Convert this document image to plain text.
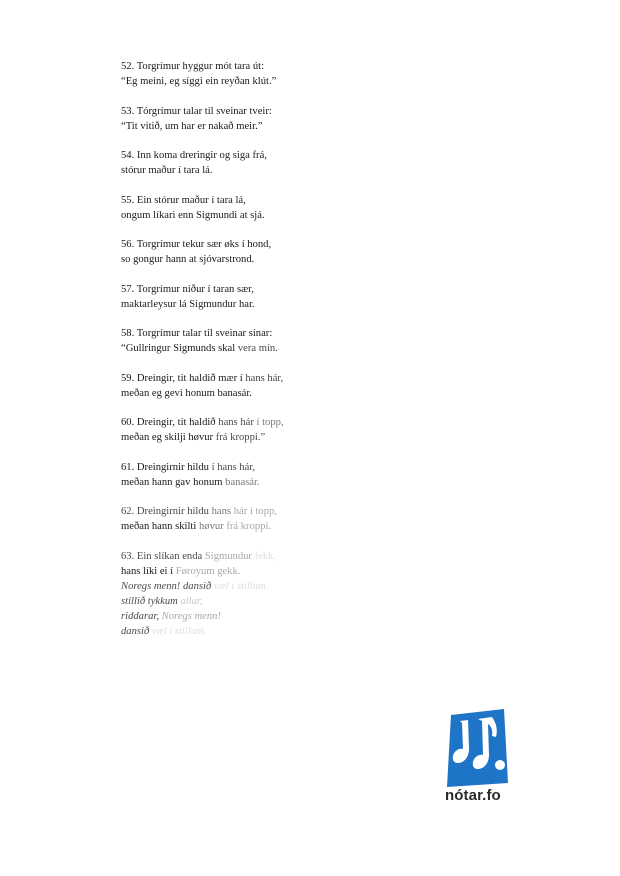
52. Torgrímur hyggur mót tara út:
“Eg meini, eg síggi ein reyðan klút.”
53. Tórgrímur talar til sveinar tveir:
“Tit vitið, um har er nakað meir.”
54. Inn koma dreringir og siga frá,
stórur maður í tara lá.
55. Ein stórur maður í tara lá,
ongum líkari enn Sigmundi at sjá.
56. Torgrímur tekur sær øks í hond,
so gongur hann at sjóvarstrond.
57. Torgrímur niður í taran sær,
maktarleysur lá Sigmundur har.
58. Torgrímur talar til sveinar sínar:
“Gullringur Sigmunds skal vera mín.
59. Dreingir, tit haldið mær í hans hár,
meðan eg gevi honum banasár.
60. Dreingir, tit haldið hans hár í topp,
meðan eg skilji høvur frá kroppi.”
61. Dreingirnir hildu í hans hár,
meðan hann gav honum banasár.
62. Dreingirnir hildu hans hár í topp,
meðan hann skilti høvur frá kroppi.
63. Ein slíkan enda Sigmundur fekk,
hans líki ei í Føroyum gekk.
Noregs menn! dansið væl í stillum.
stillið tykkum allar,
riddarar, Noregs menn!
dansið væl í stillum.
nótar.fo
